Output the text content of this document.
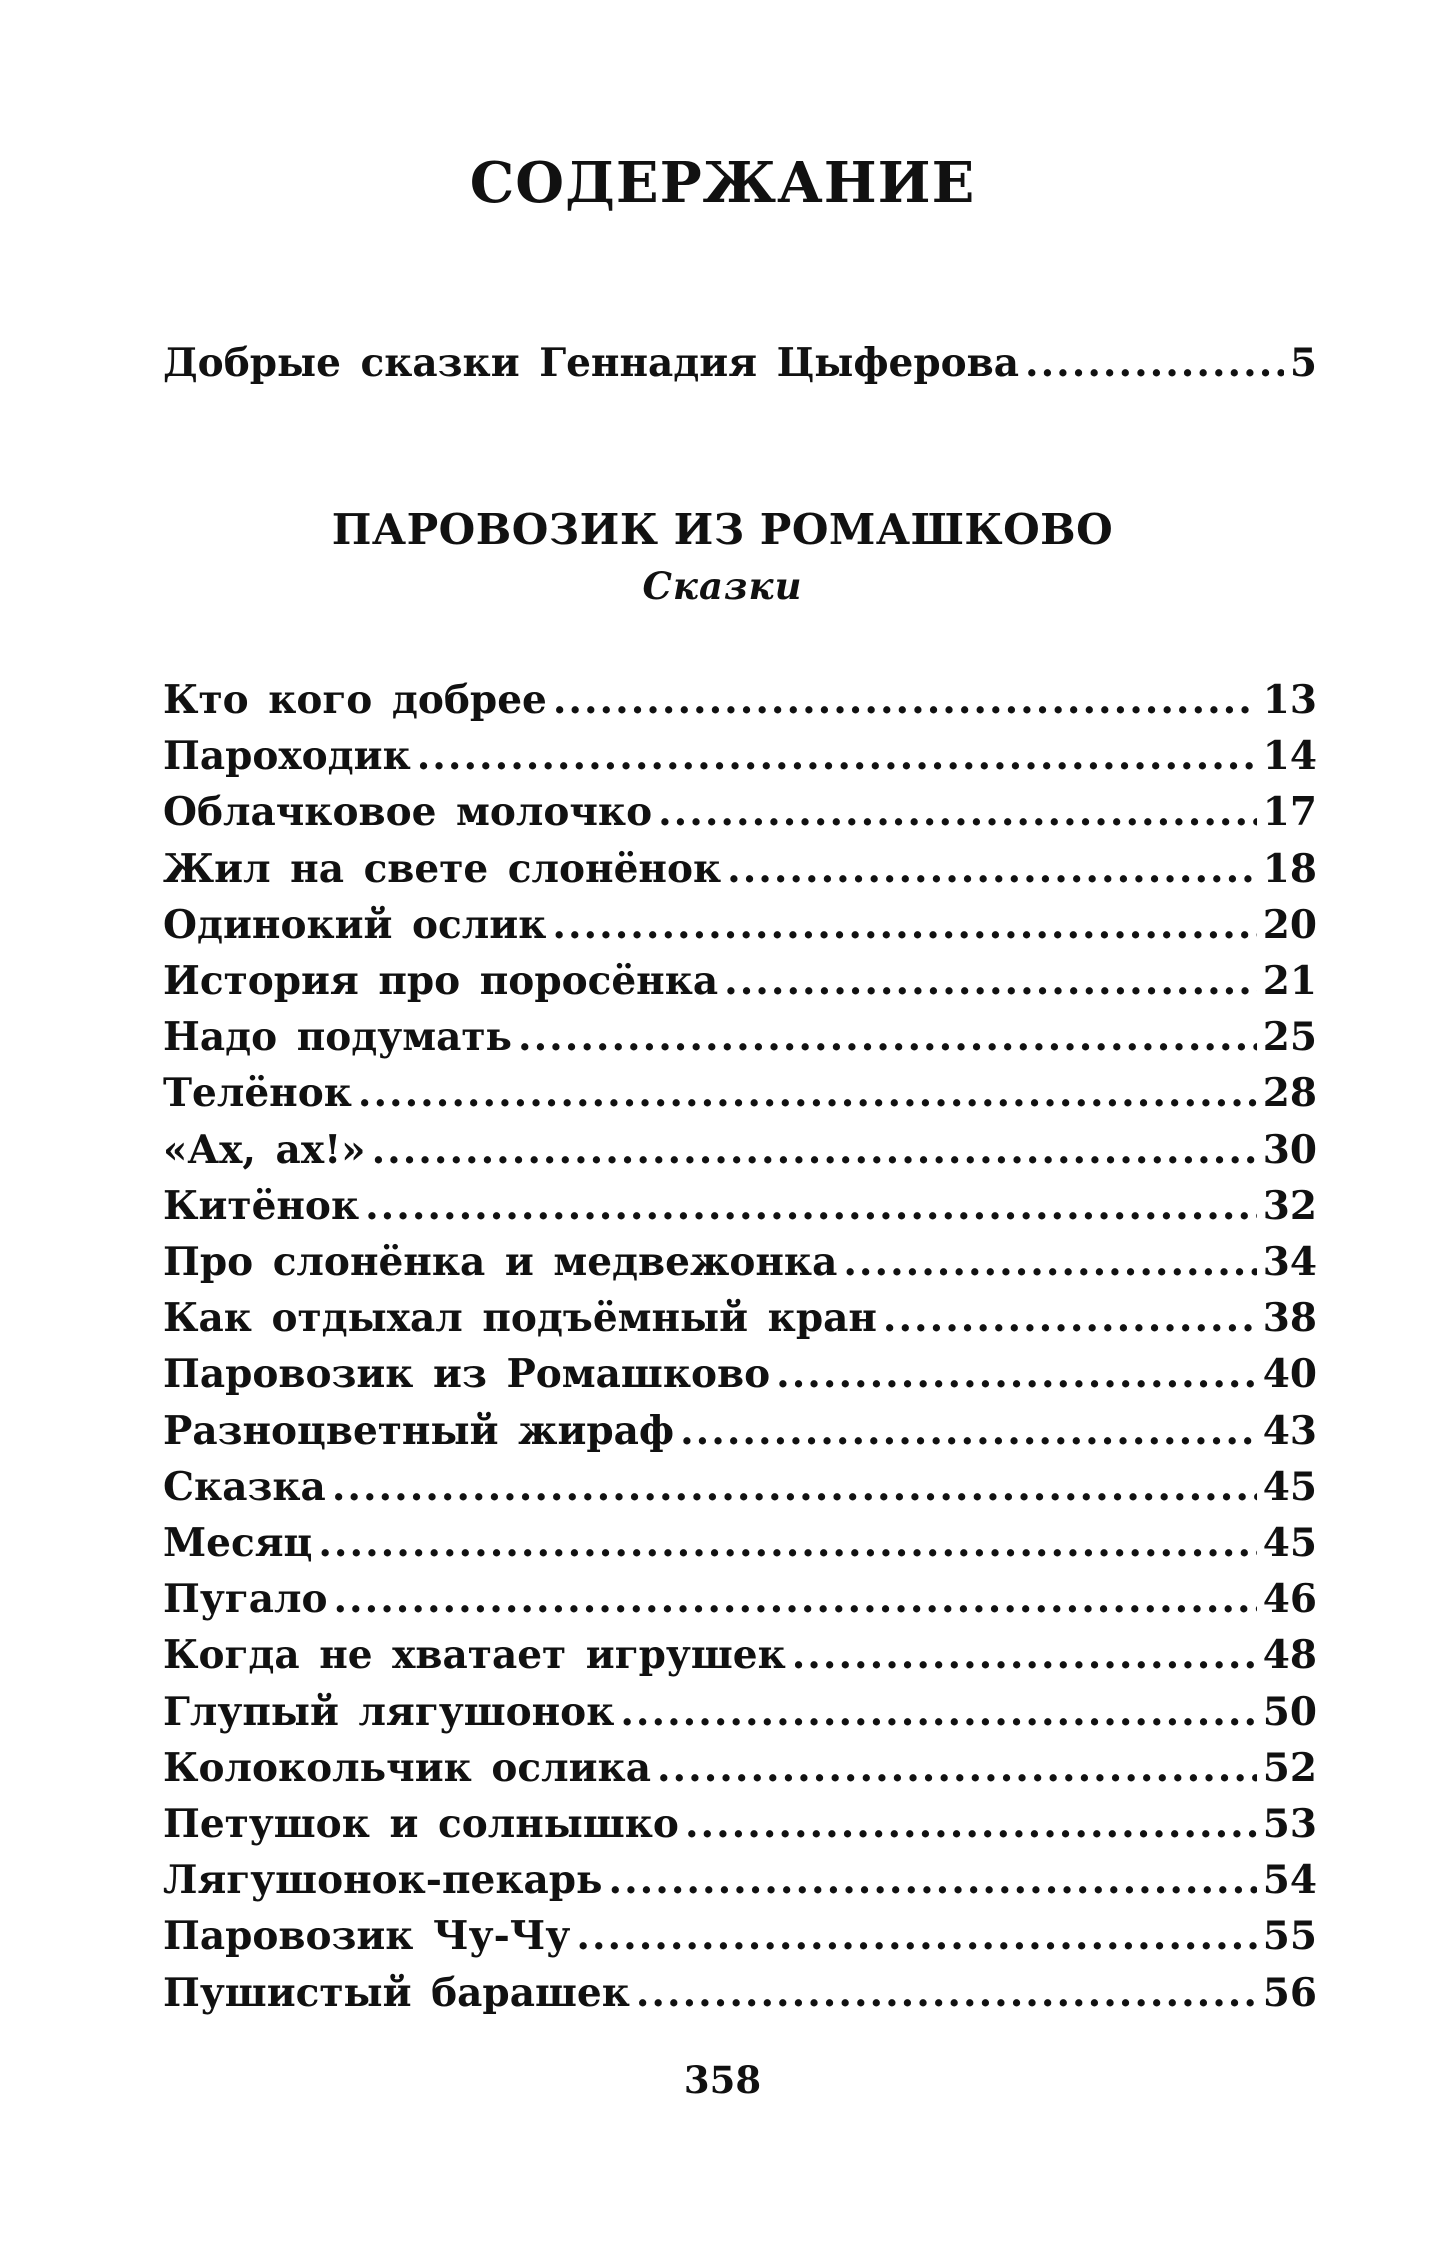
СОДЕРЖАНИЕ
Добрые сказки Геннадия Цыферова .....	5
ПАРОВОЗИК ИЗ РОМАШКОВО
Сказки
Кто кого добрее .....	13
Пароходик .....	14
Облачковое молочко .....	17
Жил на свете слонёнок .....	18
Одинокий ослик .....	20
История про поросёнка .....	21
Надо подумать .....	25
Телёнок .....	28
«Ах, ах!» .....	30
Китёнок .....	32
Про слонёнка и медвежонка .....	34
Как отдыхал подъёмный кран .....	38
Паровозик из Ромашково .....	40
Разноцветный жираф .....	43
Сказка .....	45
Месяц .....	45
Пугало .....	46
Когда не хватает игрушек .....	48
Глупый лягушонок .....	50
Колокольчик ослика .....	52
Петушок и солнышко .....	53
Лягушонок-пекарь .....	54
Паровозик Чу-Чу .....	55
Пушистый барашек .....	56
358
